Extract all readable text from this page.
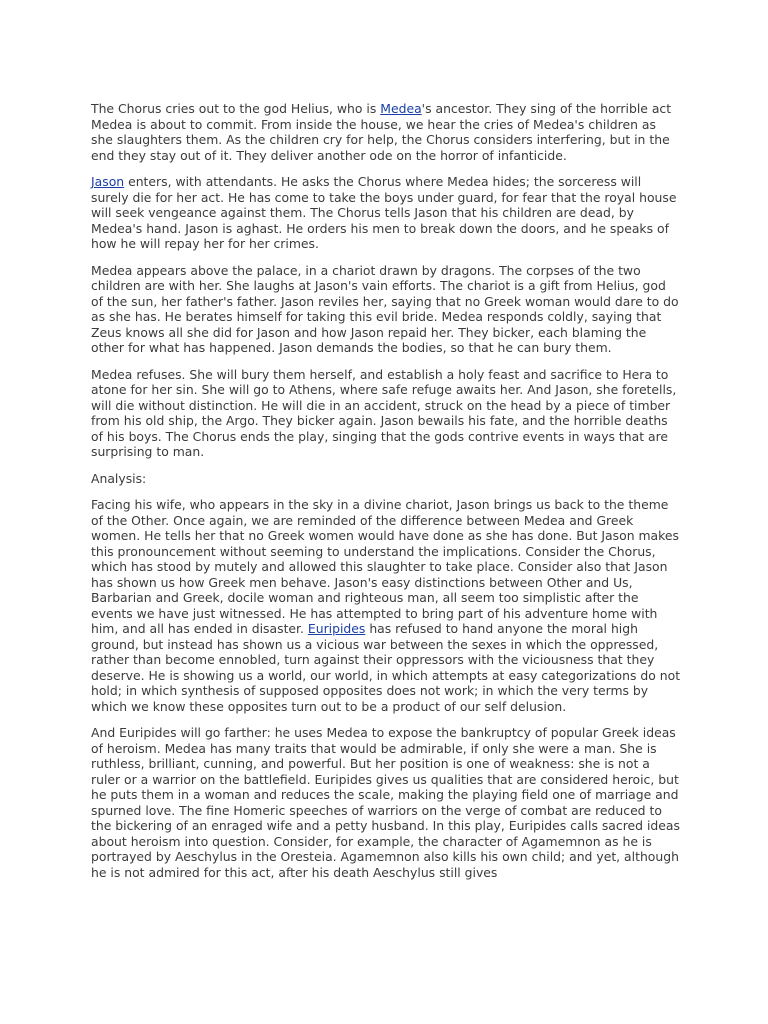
The Chorus cries out to the god Helius, who is Medea's ancestor. They sing of the horrible act Medea is about to commit. From inside the house, we hear the cries of Medea's children as she slaughters them. As the children cry for help, the Chorus considers interfering, but in the end they stay out of it. They deliver another ode on the horror of infanticide.

Jason enters, with attendants. He asks the Chorus where Medea hides; the sorceress will surely die for her act. He has come to take the boys under guard, for fear that the royal house will seek vengeance against them. The Chorus tells Jason that his children are dead, by Medea's hand. Jason is aghast. He orders his men to break down the doors, and he speaks of how he will repay her for her crimes.

Medea appears above the palace, in a chariot drawn by dragons. The corpses of the two children are with her. She laughs at Jason's vain efforts. The chariot is a gift from Helius, god of the sun, her father's father. Jason reviles her, saying that no Greek woman would dare to do as she has. He berates himself for taking this evil bride. Medea responds coldly, saying that Zeus knows all she did for Jason and how Jason repaid her. They bicker, each blaming the other for what has happened. Jason demands the bodies, so that he can bury them.

Medea refuses. She will bury them herself, and establish a holy feast and sacrifice to Hera to atone for her sin. She will go to Athens, where safe refuge awaits her. And Jason, she foretells, will die without distinction. He will die in an accident, struck on the head by a piece of timber from his old ship, the Argo. They bicker again. Jason bewails his fate, and the horrible deaths of his boys. The Chorus ends the play, singing that the gods contrive events in ways that are surprising to man.

Analysis:

Facing his wife, who appears in the sky in a divine chariot, Jason brings us back to the theme of the Other. Once again, we are reminded of the difference between Medea and Greek women. He tells her that no Greek women would have done as she has done. But Jason makes this pronouncement without seeming to understand the implications. Consider the Chorus, which has stood by mutely and allowed this slaughter to take place. Consider also that Jason has shown us how Greek men behave. Jason's easy distinctions between Other and Us, Barbarian and Greek, docile woman and righteous man, all seem too simplistic after the events we have just witnessed. He has attempted to bring part of his adventure home with him, and all has ended in disaster. Euripides has refused to hand anyone the moral high ground, but instead has shown us a vicious war between the sexes in which the oppressed, rather than become ennobled, turn against their oppressors with the viciousness that they deserve. He is showing us a world, our world, in which attempts at easy categorizations do not hold; in which synthesis of supposed opposites does not work; in which the very terms by which we know these opposites turn out to be a product of our self delusion.

And Euripides will go farther: he uses Medea to expose the bankruptcy of popular Greek ideas of heroism. Medea has many traits that would be admirable, if only she were a man. She is ruthless, brilliant, cunning, and powerful. But her position is one of weakness: she is not a ruler or a warrior on the battlefield. Euripides gives us qualities that are considered heroic, but he puts them in a woman and reduces the scale, making the playing field one of marriage and spurned love. The fine Homeric speeches of warriors on the verge of combat are reduced to the bickering of an enraged wife and a petty husband. In this play, Euripides calls sacred ideas about heroism into question. Consider, for example, the character of Agamemnon as he is portrayed by Aeschylus in the Oresteia. Agamemnon also kills his own child; and yet, although he is not admired for this act, after his death Aeschylus still gives
